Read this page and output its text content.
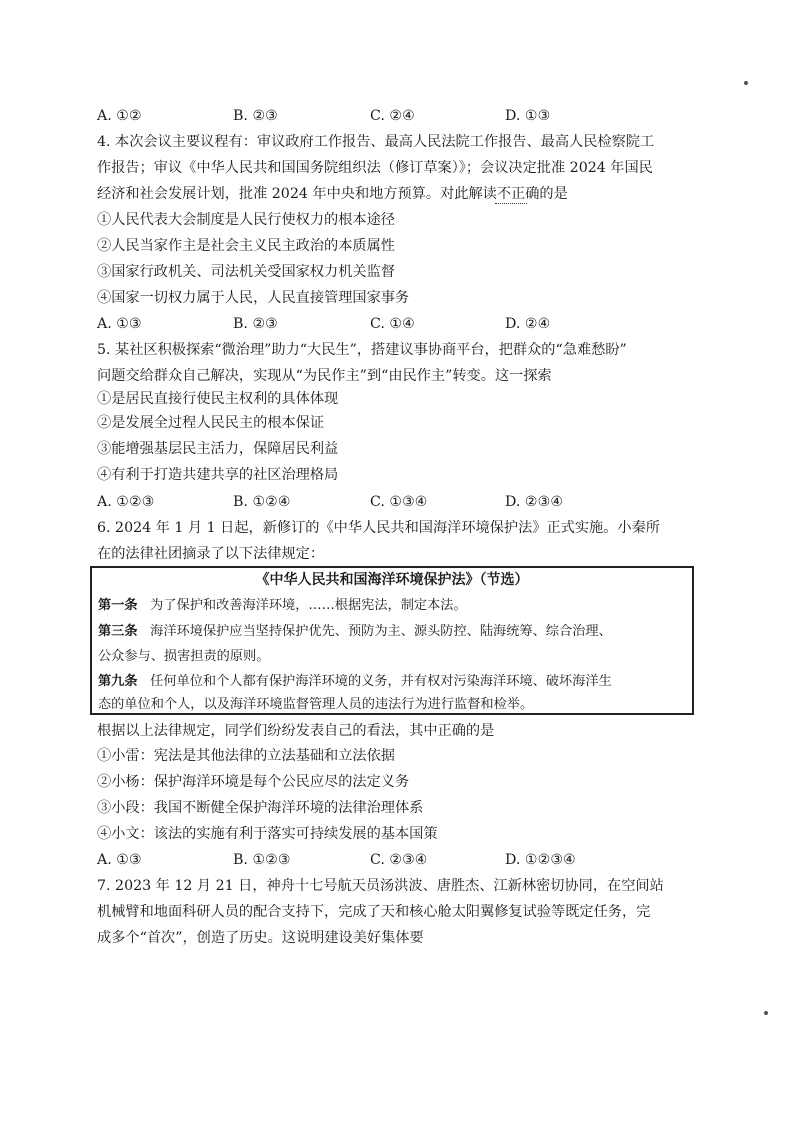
A. ①②	B. ②③	C. ②④	D. ①③
4. 本次会议主要议程有：审议政府工作报告、最高人民法院工作报告、最高人民检察院工
作报告；审议《中华人民共和国国务院组织法（修订草案）》；会议决定批准 2024 年国民
经济和社会发展计划，批准 2024 年中央和地方预算。对此解读不正确的是
①人民代表大会制度是人民行使权力的根本途径
②人民当家作主是社会主义民主政治的本质属性
③国家行政机关、司法机关受国家权力机关监督
④国家一切权力属于人民，人民直接管理国家事务
A. ①③	B. ②③	C. ①④	D. ②④
5. 某社区积极探索“微治理”助力“大民生”，搭建议事协商平台，把群众的“急难愁盼”
问题交给群众自己解决，实现从“为民作主”到“由民作主”转变。这一探索
①是居民直接行使民主权利的具体体现
②是发展全过程人民民主的根本保证
③能增强基层民主活力，保障居民利益
④有利于打造共建共享的社区治理格局
A. ①②③	B. ①②④	C. ①③④	D. ②③④
6. 2024 年 1 月 1 日起，新修订的《中华人民共和国海洋环境保护法》正式实施。小秦所
在的法律社团摘录了以下法律规定：
《中华人民共和国海洋环境保护法》（节选）
第一条 为了保护和改善海洋环境，……根据宪法，制定本法。
第三条 海洋环境保护应当坚持保护优先、预防为主、源头防控、陆海统筹、综合治理、
公众参与、损害担责的原则。
第九条 任何单位和个人都有保护海洋环境的义务，并有权对污染海洋环境、破坏海洋生
态的单位和个人，以及海洋环境监督管理人员的违法行为进行监督和检举。
根据以上法律规定，同学们纷纷发表自己的看法，其中正确的是
①小雷：宪法是其他法律的立法基础和立法依据
②小杨：保护海洋环境是每个公民应尽的法定义务
③小段：我国不断健全保护海洋环境的法律治理体系
④小文：该法的实施有利于落实可持续发展的基本国策
A. ①③	B. ①②③	C. ②③④	D. ①②③④
7. 2023 年 12 月 21 日，神舟十七号航天员汤洪波、唐胜杰、江新林密切协同，在空间站
机械臂和地面科研人员的配合支持下，完成了天和核心舱太阳翼修复试验等既定任务，完
成多个“首次”，创造了历史。这说明建设美好集体要
